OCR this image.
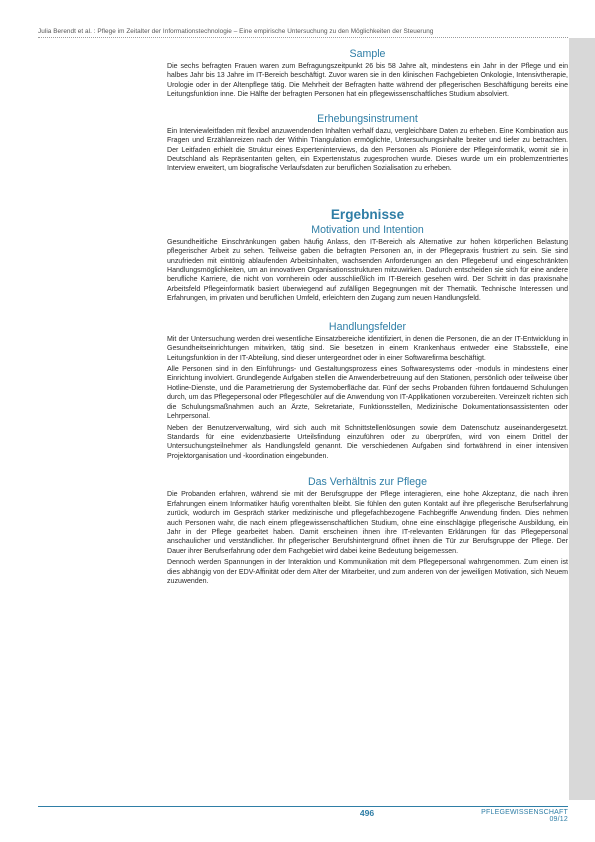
Julia Berendt et al. : Pflege im Zeitalter der Informationstechnologie – Eine empirische Untersuchung zu den Möglichkeiten der Steuerung
Sample

Die sechs befragten Frauen waren zum Befragungszeitpunkt 26 bis 58 Jahre alt, mindestens ein Jahr in der Pflege und ein halbes Jahr bis 13 Jahre im IT-Bereich beschäftigt. Zuvor waren sie in den klinischen Fachgebieten Onkologie, Intensivtherapie, Urologie oder in der Altenpflege tätig. Die Mehrheit der Befragten hatte während der pflegerischen Beschäftigung bereits eine Leitungsfunktion inne. Die Hälfte der befragten Personen hat ein pflegewissenschaftliches Studium absolviert.

Erhebungsinstrument

Ein Interviewleitfaden mit flexibel anzuwendenden Inhalten verhalf dazu, vergleichbare Daten zu erheben. Eine Kombination aus Fragen und Erzählanreizen nach der Within Triangulation ermöglichte, Untersuchungsinhalte breiter und tiefer zu betrachten. Der Leitfaden erhielt die Struktur eines Experteninterviews, da den Personen als Pioniere der Pflegeinformatik, womit sie in Deutschland als Repräsentanten gelten, ein Expertenstatus zugesprochen wurde. Dieses wurde um ein problemzentriertes Interview erweitert, um biografische Verlaufsdaten zur beruflichen Sozialisation zu erheben.

Ergebnisse
Motivation und Intention

Gesundheitliche Einschränkungen gaben häufig Anlass, den IT-Bereich als Alternative zur hohen körperlichen Belastung pflegerischer Arbeit zu sehen. Teilweise gaben die befragten Personen an, in der Pflegepraxis frustriert zu sein. Sie sind unzufrieden mit eintönig ablaufenden Arbeitsinhalten, wachsenden Anforderungen an den Pflegeberuf und eingeschränkten Handlungsmöglichkeiten, um an innovativen Organisationsstrukturen mitzuwirken. Dadurch entscheiden sie sich für eine andere berufliche Karriere, die nicht von vornherein oder ausschließlich im IT-Bereich gesehen wird. Der Schritt in das praxisnahe Arbeitsfeld Pflegeinformatik basiert überwiegend auf zufälligen Begegnungen mit der Thematik. Technische Interessen und Erfahrungen, im privaten und beruflichen Umfeld, erleichtern den Zugang zum neuen Handlungsfeld.

Handlungsfelder

Mit der Untersuchung werden drei wesentliche Einsatzbereiche identifiziert, in denen die Personen, die an der IT-Entwicklung in Gesundheitseinrichtungen mitwirken, tätig sind. Sie besetzen in einem Krankenhaus entweder eine Stabsstelle, eine Leitungsfunktion in der IT-Abteilung, sind dieser untergeordnet oder in einer Softwarefirma beschäftigt.

Alle Personen sind in den Einführungs- und Gestaltungsprozess eines Softwaresystems oder -moduls in mindestens einer Einrichtung involviert. Grundlegende Aufgaben stellen die Anwenderbetreuung auf den Stationen, persönlich oder teilweise über Hotline-Dienste, und die Parametrierung der Systemoberfläche dar. Fünf der sechs Probanden führen fortdauernd Schulungen durch, um das Pflegepersonal oder Pflegeschüler auf die Anwendung von IT-Applikationen vorzubereiten. Vereinzelt richten sich die Schulungsmaßnahmen auch an Ärzte, Sekretariate, Funktionsstellen, Medizinische Dokumentationsassistenten oder Lehrpersonal.

Neben der Benutzerverwaltung, wird sich auch mit Schnittstellenlösungen sowie dem Datenschutz auseinandergesetzt. Standards für eine evidenzbasierte Urteilsfindung einzuführen oder zu überprüfen, wird von einem Drittel der Untersuchungsteilnehmer als Handlungsfeld genannt. Die verschiedenen Aufgaben sind fortwährend in einer intensiven Projektorganisation und -koordination eingebunden.

Das Verhältnis zur Pflege

Die Probanden erfahren, während sie mit der Berufsgruppe der Pflege interagieren, eine hohe Akzeptanz, die nach ihren Erfahrungen einem Informatiker häufig vorenthalten bleibt. Sie fühlen den guten Kontakt auf ihre pflegerische Berufserfahrung zurück, wodurch im Gespräch stärker medizinische und pflegefachbezogene Fachbegriffe Anwendung finden. Dies nehmen auch Personen wahr, die nach einem pflegewissenschaftlichen Studium, ohne eine einschlägige pflegerische Ausbildung, ein Jahr in der Pflege gearbeitet haben. Damit erscheinen ihnen ihre IT-relevanten Erklärungen für das Pflegepersonal anschaulicher und verständlicher. Ihr pflegerischer Berufshintergrund öffnet ihnen die Tür zur Berufsgruppe der Pflege. Der Dauer ihrer Berufserfahrung oder dem Fachgebiet wird dabei keine Bedeutung beigemessen.

Dennoch werden Spannungen in der Interaktion und Kommunikation mit dem Pflegepersonal wahrgenommen. Zum einen ist dies abhängig von der EDV-Affinität oder dem Alter der Mitarbeiter, und zum anderen von der jeweiligen Motivation, sich Neuem zuzuwenden.

496	PFLEGEWISSENSCHAFT 09/12
